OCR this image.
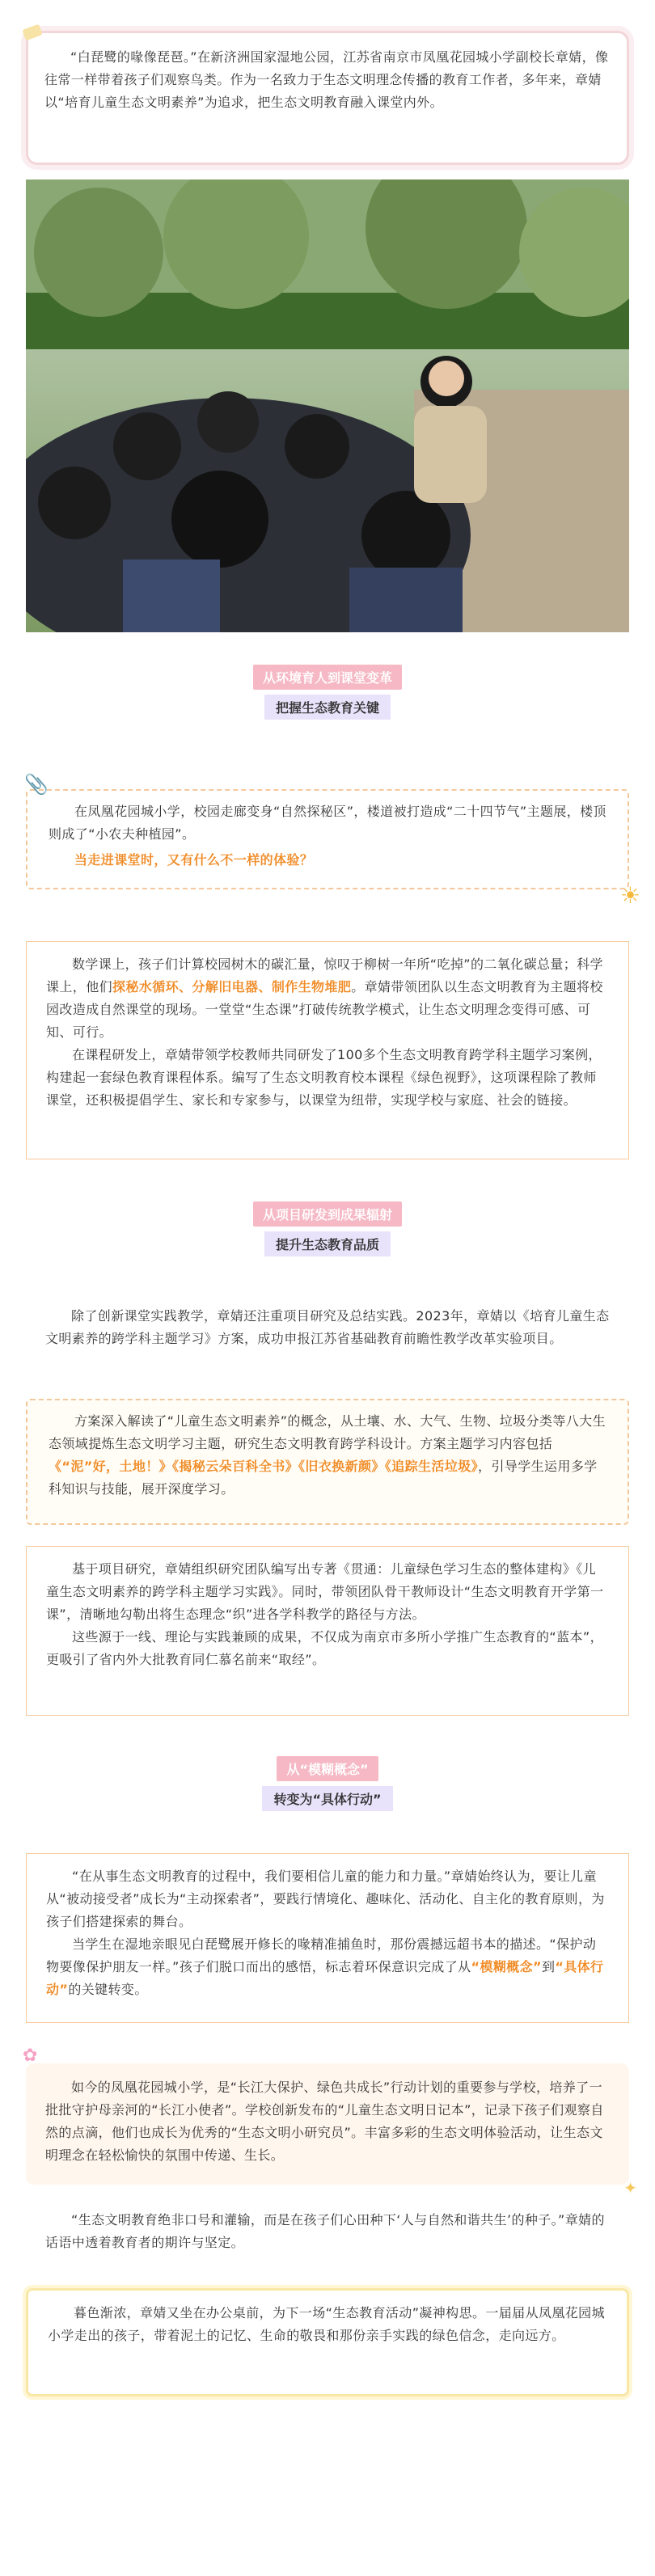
“白琵鹭的喙像琵琶。”在新济洲国家湿地公园，江苏省南京市凤凰花园城小学副校长章婧，像往常一样带着孩子们观察鸟类。作为一名致力于生态文明理念传播的教育工作者，多年来，章婧以“培育儿童生态文明素养”为追求，把生态文明教育融入课堂内外。

从环境育人到课堂变革
把握生态教育关键
📎

在凤凰花园城小学，校园走廊变身“自然探秘区”，楼道被打造成“二十四节气”主题展，楼顶则成了“小农夫种植园”。

当走进课堂时，又有什么不一样的体验？

☀

数学课上，孩子们计算校园树木的碳汇量，惊叹于柳树一年所“吃掉”的二氧化碳总量；科学课上，他们探秘水循环、分解旧电器、制作生物堆肥。章婧带领团队以生态文明教育为主题将校园改造成自然课堂的现场。一堂堂“生态课”打破传统教学模式，让生态文明理念变得可感、可知、可行。

在课程研发上，章婧带领学校教师共同研发了100多个生态文明教育跨学科主题学习案例，构建起一套绿色教育课程体系。编写了生态文明教育校本课程《绿色视野》，这项课程除了教师课堂，还积极提倡学生、家长和专家参与，以课堂为纽带，实现学校与家庭、社会的链接。

从项目研发到成果辐射
提升生态教育品质

除了创新课堂实践教学，章婧还注重项目研究及总结实践。2023年，章婧以《培育儿童生态文明素养的跨学科主题学习》方案，成功申报江苏省基础教育前瞻性教学改革实验项目。

方案深入解读了“儿童生态文明素养”的概念，从土壤、水、大气、生物、垃圾分类等八大生态领域提炼生态文明学习主题，研究生态文明教育跨学科设计。方案主题学习内容包括《“泥”好，土地！》《揭秘云朵百科全书》《旧衣换新颜》《追踪生活垃圾》，引导学生运用多学科知识与技能，展开深度学习。

基于项目研究，章婧组织研究团队编写出专著《贯通：儿童绿色学习生态的整体建构》《儿童生态文明素养的跨学科主题学习实践》。同时，带领团队骨干教师设计“生态文明教育开学第一课”，清晰地勾勒出将生态理念“织”进各学科教学的路径与方法。

这些源于一线、理论与实践兼顾的成果，不仅成为南京市多所小学推广生态教育的“蓝本”，更吸引了省内外大批教育同仁慕名前来“取经”。

从“模糊概念”
转变为“具体行动”

“在从事生态文明教育的过程中，我们要相信儿童的能力和力量。”章婧始终认为，要让儿童从“被动接受者”成长为“主动探索者”，要践行情境化、趣味化、活动化、自主化的教育原则，为孩子们搭建探索的舞台。

当学生在湿地亲眼见白琵鹭展开修长的喙精准捕鱼时，那份震撼远超书本的描述。“保护动物要像保护朋友一样。”孩子们脱口而出的感悟，标志着环保意识完成了从“模糊概念”到“具体行动”的关键转变。

✿

如今的凤凰花园城小学，是“长江大保护、绿色共成长”行动计划的重要参与学校，培养了一批批守护母亲河的“长江小使者”。学校创新发布的“儿童生态文明日记本”，记录下孩子们观察自然的点滴，他们也成长为优秀的“生态文明小研究员”。丰富多彩的生态文明体验活动，让生态文明理念在轻松愉快的氛围中传递、生长。

✦

“生态文明教育绝非口号和灌输，而是在孩子们心田种下‘人与自然和谐共生’的种子。”章婧的话语中透着教育者的期许与坚定。

暮色渐浓，章婧又坐在办公桌前，为下一场“生态教育活动”凝神构思。一届届从凤凰花园城小学走出的孩子，带着泥土的记忆、生命的敬畏和那份亲手实践的绿色信念，走向远方。
